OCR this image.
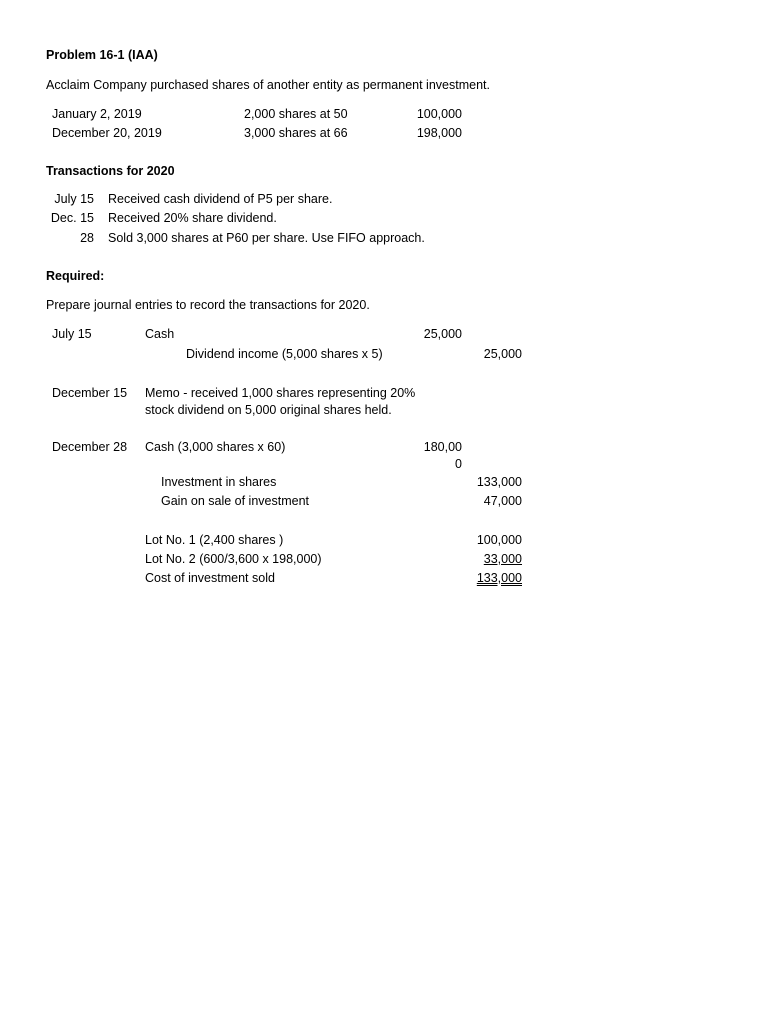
Problem 16-1 (IAA)
Acclaim Company purchased shares of another entity as permanent investment.
January 2, 2019	2,000 shares at 50	100,000
December 20, 2019	3,000 shares at 66	198,000
Transactions for 2020
July 15 Received cash dividend of P5 per share.
Dec. 15 Received 20% share dividend.
28 Sold 3,000 shares at P60 per share. Use FIFO approach.
Required:
Prepare journal entries to record the transactions for 2020.
July 15	Cash	25,000
Dividend income (5,000 shares x 5)	25,000
December 15 Memo - received 1,000 shares representing 20%
stock dividend on 5,000 original shares held.
December 28 Cash (3,000 shares x 60)	180,00
0
Investment in shares	133,000
Gain on sale of investment	47,000
Lot No. 1 (2,400 shares )	100,000
Lot No. 2 (600/3,600 x 198,000)	33,000
Cost of investment sold	133,000
